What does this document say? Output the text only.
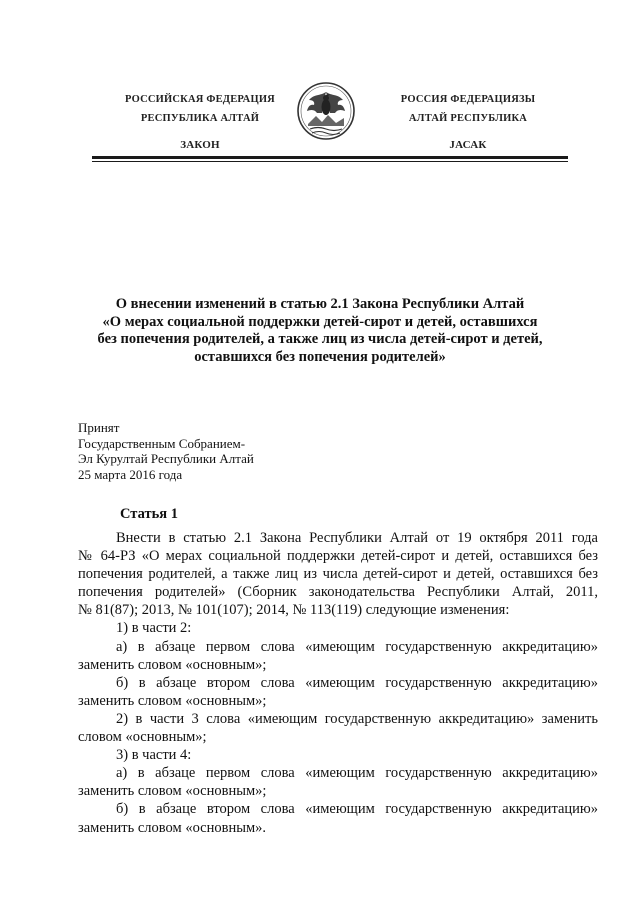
РОССИЙСКАЯ ФЕДЕРАЦИЯ
РЕСПУБЛИКА АЛТАЙ
ЗАКОН
РОССИЯ ФЕДЕРАЦИЯЗЫ
АЛТАЙ РЕСПУБЛИКА
JАСАК
О внесении изменений в статью 2.1 Закона Республики Алтай
«О мерах социальной поддержки детей-сирот и детей, оставшихся
без попечения родителей, а также лиц из числа детей-сирот и детей,
оставшихся без попечения родителей»
Принят
Государственным Собранием-
Эл Курултай Республики Алтай
25 марта 2016 года
Статья 1
Внести в статью 2.1 Закона Республики Алтай от 19 октября 2011 года
№ 64-РЗ «О мерах социальной поддержки детей-сирот и детей, оставшихся без
попечения родителей, а также лиц из числа детей-сирот и детей, оставшихся без
попечения родителей» (Сборник законодательства Республики Алтай, 2011,
№ 81(87); 2013, № 101(107); 2014, № 113(119) следующие изменения:
1) в части 2:
а) в абзаце первом слова «имеющим государственную аккредитацию»
заменить словом «основным»;
б) в абзаце втором слова «имеющим государственную аккредитацию»
заменить словом «основным»;
2) в части 3 слова «имеющим государственную аккредитацию» заменить
словом «основным»;
3) в части 4:
а) в абзаце первом слова «имеющим государственную аккредитацию»
заменить словом «основным»;
б) в абзаце втором слова «имеющим государственную аккредитацию»
заменить словом «основным».
